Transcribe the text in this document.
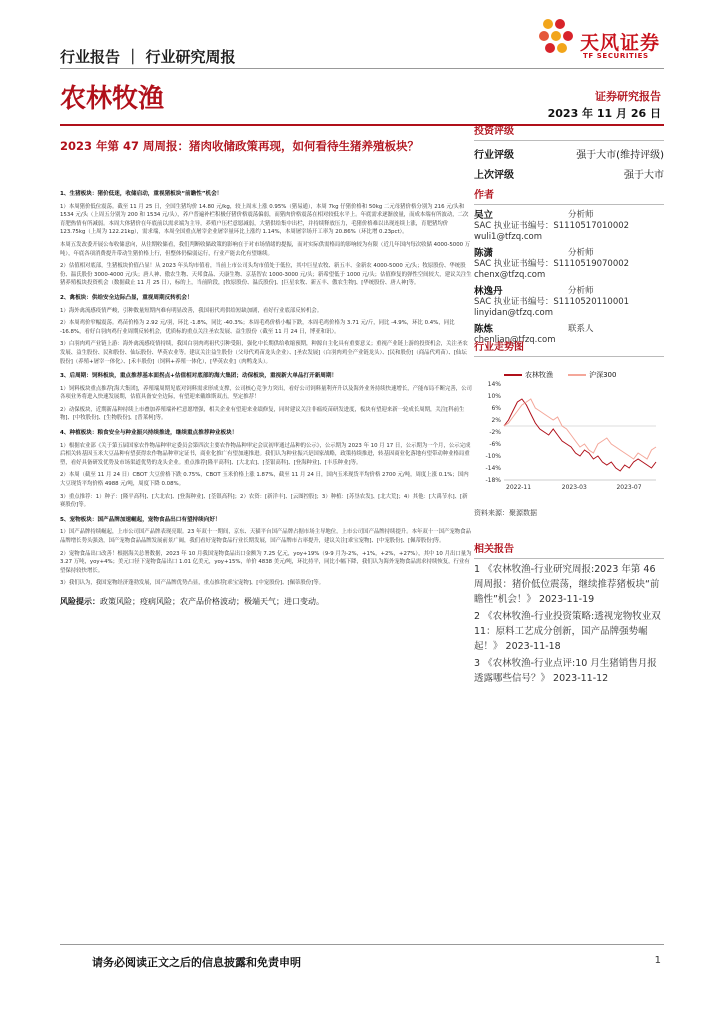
行业报告 ｜ 行业研究周报
天风证券
TF SECURITIES
农林牧渔	证券研究报告
2023 年 11 月 26 日
2023 年第 47 周周报：猪肉收储政策再现，如何看待生猪养殖板块？

1、生猪板块：猪价低迷，收储启动，重视猪板块“前瞻性”机会！

1）本周猪价低位震荡。截至 11 月 25 日，全国生猪均价 14.80 元/kg，较上周末上涨 0.95%（猪易通），本周 7kg 仔猪价格和 50kg 二元母猪价格分别为 216 元/头和 1534 元/头（上周五分别为 200 和 1534 元/头），养户普遍补栏积极仔猪价格震荡偏弱，而猪肉价格震荡在相对较低水平上。年底需求逐渐放量，而成本端有所波动，二次育肥热情有所减弱。本周大体猪价在年底前以需求端为主导，养殖户压栏意愿减弱，大猪供给集中出栏，并持续释放压力，毛猪价格难以出现连续上涨，育肥猪均价 123.75kg（上周为 122.21kg），需求端，本周全国重点屠宰企业屠宰量环比上涨约 1.14%，本周屠宰场开工率为 20.86%（环比增 0.23pct）。

本周五发改委开展公布收储意向，从往期收储看，我们判断收储政策的影响在于对市场情绪的提振，而对实际供需格局的影响较为有限（近几年国内每次收储 4000-5000 万吨），年底各项消费提升带动生猪价格上行，但整体仍偏弱运行，行业产能去化有望继续。

2）估值相对底部，生猪板块价值凸显！从 2023 年头均市值看，当前上市公司头均市值处于低位，其中巨星农牧、新五丰、金新农 4000-5000 元/头；牧原股份、华统股份、温氏股份 3000-4000 元/头；唐人神、傲农生物、天邦食品、天康生物、京基智农 1000-3000 元/头；新希望低于 1000 元/头；估值修复的弹性空间较大，建议关注生猪养殖板块投资机会（数据截止 11 月 25 日），标的上，当前阶段，[牧原股份、温氏股份]、[巨星农牧、新五丰、傲农生物]、[华统股份、唐人神]等。

2、禽板块：供给安全边际凸显，重视周期反转机会！

1）海外禽流感疫情严峻，引种数量短期内难有明显改善，我国祖代鸡供给短缺加剧，看好行业底部反转机会。

2）本周鸡价窄幅震荡。鸡苗价格为 2.92 元/羽，环比 -1.8%，同比 -40.3%；本周毛鸡价格小幅下跌，本周毛鸡价格为 3.71 元/斤，同比 -4.9%，环比 0.4%，同比 -16.8%，看好白羽肉鸡行业周期反转机会，优质标的重点关注圣农发展、益生股份（截至 11 月 24 日，博亚和讯）。

3）白羽肉鸡产业链上游：海外禽流感疫情持续，我国白羽肉鸡祖代引种受阻，强化中长期供给收缩预期，种源自主化具有重要意义；重视产业链上游的投资机会，关注圣农发展、益生股份、民和股份、仙坛股份、华英农业等。建议关注益生股份（父母代鸡苗龙头企业）、[圣农发展]（白羽肉鸡全产业链龙头）、[民和股份]（商品代鸡苗）、[仙坛股份]（养殖+屠宰一体化）、[禾丰股份]（饲料+养殖一体化），[华英农业]（肉鸭龙头）。

3、后周期：饲料板块，重点推荐基本面拐点+估值相对底部的海大集团；动保板块，重视新大单品打开新周期！

1）饲料板块重点推荐[海大集团]，养殖端周期见底对饲料需求形成支撑，公司核心竞争力突出，看好公司饲料量利齐升以及海外业务持续快速增长，产能布局不断完善，公司各项业务将进入快速发展期，估值具备安全边际，有望迎来戴维斯双击，坚定推荐！

2）动保板块，近期新品种持续上市叠加养殖端补栏意愿增强，相关企业有望迎来业绩修复，同时建议关注非瘟疫苗研发进度，板块有望迎来新一轮成长周期，关注[科前生物]、[中牧股份]、[生物股份]、[普莱柯]等。

4、种植板块：粮食安全与种业振兴持续推进，继续重点推荐种业板块！

1）根据农业部《关于第五届国家农作物品种审定委员会第四次主要农作物品种审定会议初审通过品种的公示》，公示期为 2023 年 10 月 17 日，公示期为一个月，公示完成后相关转基因玉米大豆品种有望获得农作物品种审定证书，商业化推广有望加速推进。我们认为种业振兴是国家战略，政策持续推进，转基因商业化落地有望带动种业格局重塑，看好具备研发优势及市场渠道优势的龙头企业。重点推荐[隆平高科]、[大北农]、[荃银高科]、[登海种业]、[丰乐种业]等。

2）本周（截至 11 月 24 日）CBOT 大豆价格下跌 0.75%，CBOT 玉米价格上涨 1.87%，截至 11 月 24 日，国内玉米现货平均价格 2700 元/吨，周度上涨 0.1%；国内大豆现货平均价格 4988 元/吨，周度下降 0.08%。

3）重点推荐：1）种子：[隆平高科]、[大北农]、[登海种业]、[荃银高科]；2）农资：[新洋丰]、[云图控股]；3）种植：[苏垦农发]、[北大荒]；4）其他：[大禹节水]、[新赛股份]等。

5、宠物板块：国产品牌加速崛起，宠物食品出口有望持续向好！

1）国产品牌持续崛起，上市公司国产品牌表现亮眼。23 年双十一期间，京东、天猫平台国产品牌占据市场主导地位，上市公司国产品牌持续提升。本年双十一国产宠物食品品牌增长势头强劲，国产宠物食品品牌发展前景广阔，我们看好宠物食品行业长期发展，国产品牌市占率提升，建议关注[乖宝宠物]、[中宠股份]、[佩蒂股份]等。

2）宠物食品出口改善！根据海关总署数据，2023 年 10 月我国宠物食品出口金额为 7.25 亿元，yoy+19%（9-9 月为-2%，+1%，+2%，+27%），其中 10 月出口量为 3.27 万吨，yoy+4%；美元口径下宠物食品出口 1.01 亿美元，yoy+15%，单价 4838 美元/吨，环比持平，同比小幅下降，我们认为海外宠物食品需求持续恢复，行业有望保持较快增长。

3）我们认为，我国宠物经济蓬勃发展，国产品牌优势凸显，重点推荐[乖宝宠物]、[中宠股份]、[佩蒂股份]等。

风险提示：政策风险；疫病风险；农产品价格波动；极端天气；进口变动。
投资评级
行业评级	强于大市(维持评级)
上次评级	强于大市
作者
吴立	分析师
SAC 执业证书编号：S1110517010002
wuli1@tfzq.com
陈潇	分析师
SAC 执业证书编号：S1110519070002
chenx@tfzq.com
林逸丹	分析师
SAC 执业证书编号：S1110520110001
linyidan@tfzq.com
陈炼	联系人
chenlian@tfzq.com
行业走势图
农林牧渔
	沪深300
14%
10%
6%
2%
-2%
-6%
-10%
-14%
-18%
2022-11	2023-03	2023-07
资料来源：聚源数据
相关报告
1 《农林牧渔-行业研究周报:2023 年第 46 周周报：猪价低位震荡，继续推荐猪板块“前瞻性”机会！》 2023-11-19
2 《农林牧渔-行业投资策略:透视宠物牧业双 11：原料工艺成分创新，国产品牌强势崛起！》 2023-11-18
3 《农林牧渔-行业点评:10 月生猪销售月报透露哪些信号？》 2023-11-12
请务必阅读正文之后的信息披露和免责申明	1
